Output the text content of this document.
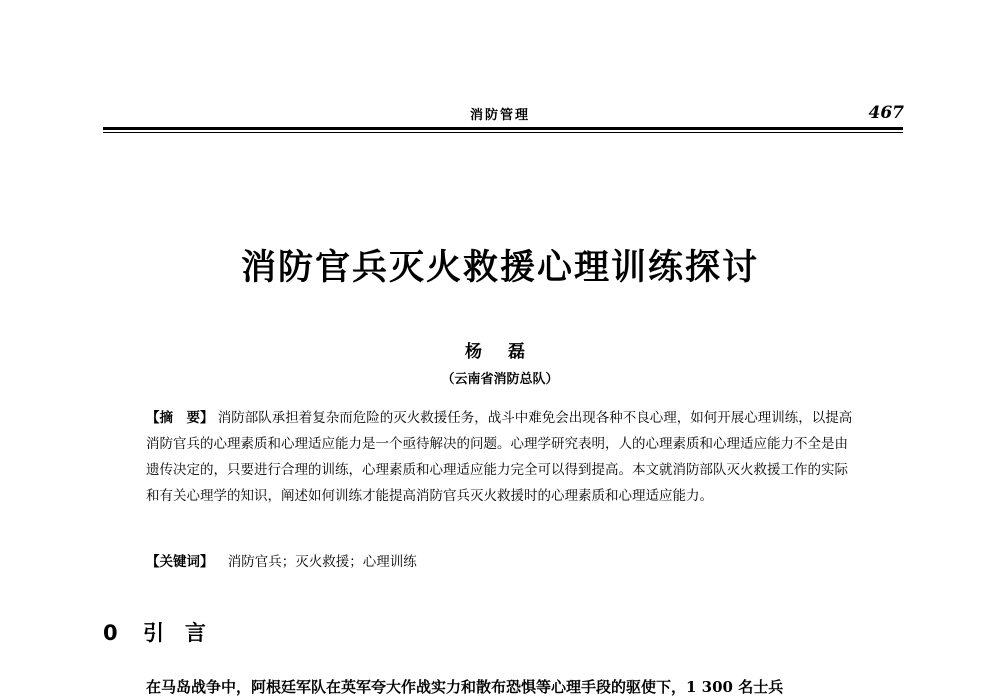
消防管理	467
消防官兵灭火救援心理训练探讨
杨 磊
（云南省消防总队）
【摘　要】 消防部队承担着复杂而危险的灭火救援任务，战斗中难免会出现各种不良心理，如何开展心理训练，以提高消防官兵的心理素质和心理适应能力是一个亟待解决的问题。心理学研究表明，人的心理素质和心理适应能力不全是由遗传决定的，只要进行合理的训练，心理素质和心理适应能力完全可以得到提高。本文就消防部队灭火救援工作的实际和有关心理学的知识，阐述如何训练才能提高消防官兵灭火救援时的心理素质和心理适应能力。
【关键词】 消防官兵；灭火救援；心理训练
0 引　言
在马岛战争中，阿根廷军队在英军夸大作战实力和散布恐惧等心理手段的驱使下，1 300 名士兵
